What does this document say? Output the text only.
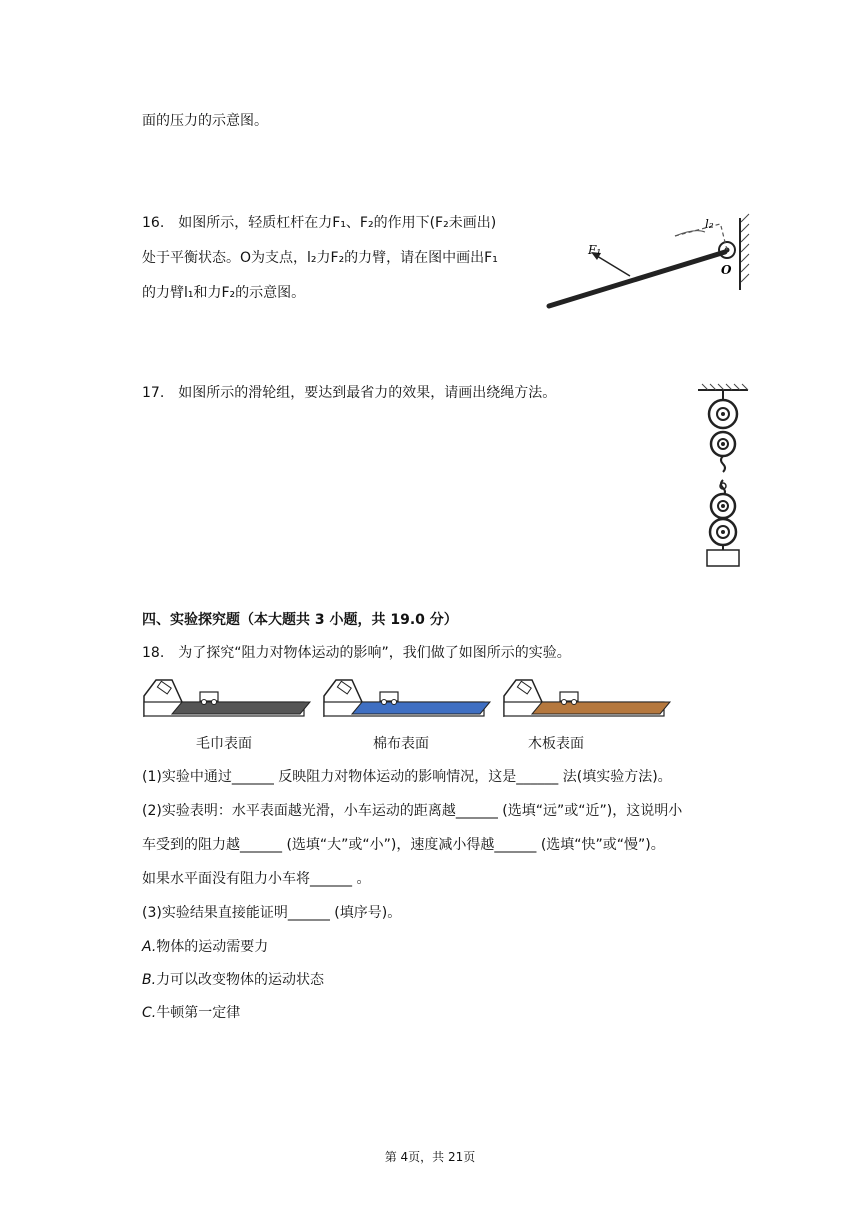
面的压力的示意图。
16.　如图所示，轻质杠杆在力F₁、F₂的作用下(F₂未画出)
处于平衡状态。O为支点，l₂力F₂的力臂，请在图中画出F₁
的力臂l₁和力F₂的示意图。
F₁
l₂
O
17.　如图所示的滑轮组，要达到最省力的效果，请画出绕绳方法。
四、实验探究题（本大题共 3 小题，共 19.0 分）
18.　为了探究“阻力对物体运动的影响”，我们做了如图所示的实验。
毛巾表面	棉布表面	木板表面
(1)实验中通过______ 反映阻力对物体运动的影响情况，这是______ 法(填实验方法)。
(2)实验表明：水平表面越光滑，小车运动的距离越______ (选填“远”或“近”)，这说明小
车受到的阻力越______ (选填“大”或“小”)，速度减小得越______ (选填“快”或“慢”)。
如果水平面没有阻力小车将______ 。
(3)实验结果直接能证明______ (填序号)。
A.物体的运动需要力
B.力可以改变物体的运动状态
C.牛顿第一定律
第 4页，共 21页
